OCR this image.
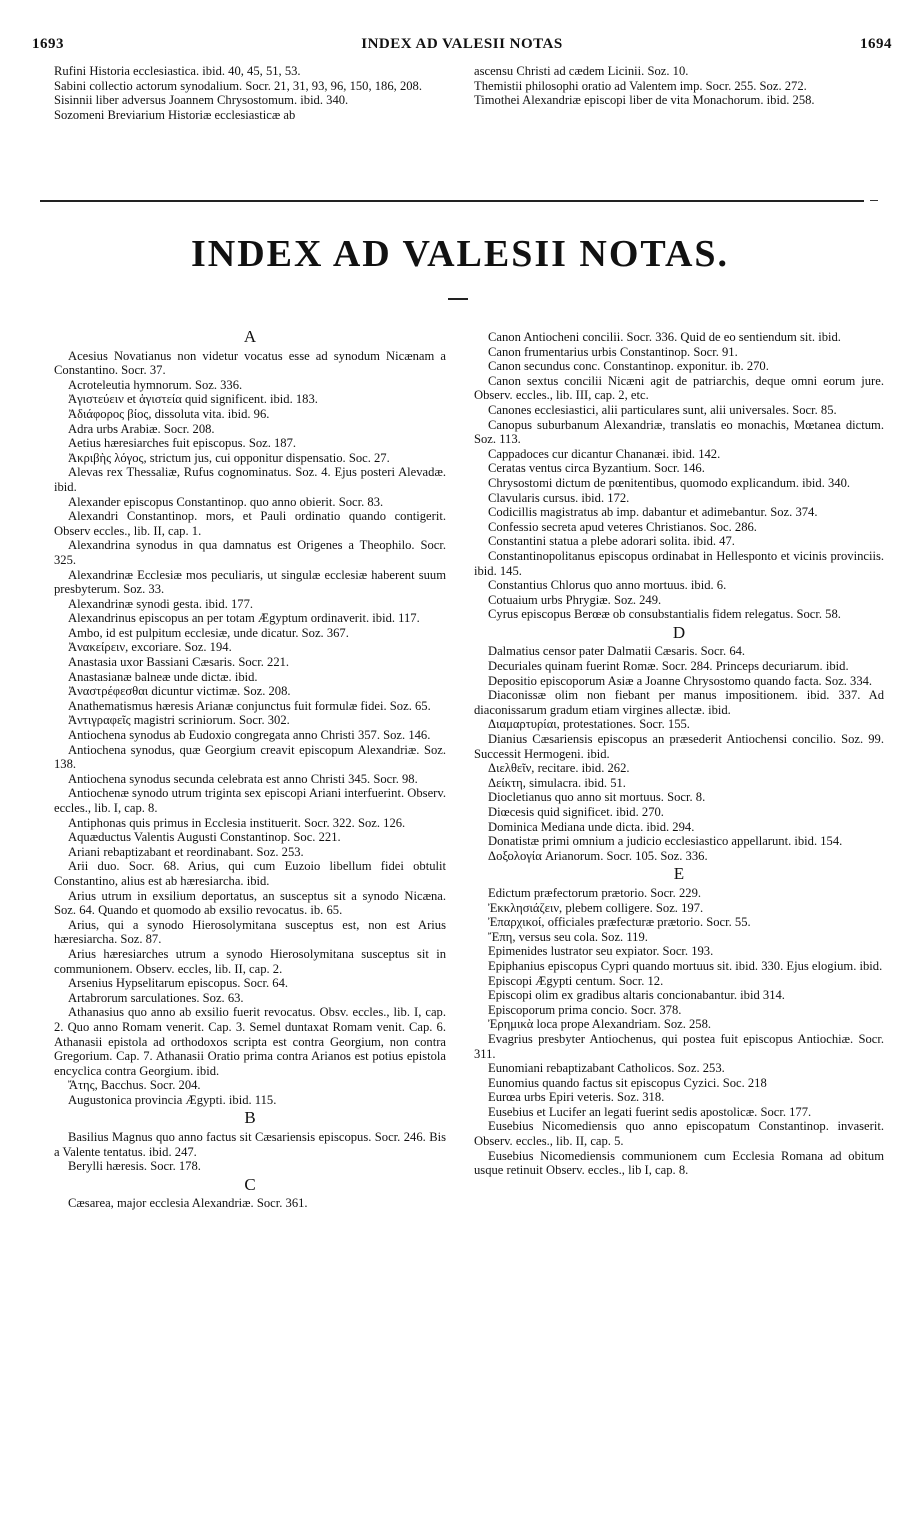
1693	INDEX AD VALESII NOTAS	1694

Rufini Historia ecclesiastica. ibid. 40, 45, 51, 53.

Sabini collectio actorum synodalium. Socr. 21, 31, 93, 96, 150, 186, 208.

Sisinnii liber adversus Joannem Chrysostomum. ibid. 340.

Sozomeni Breviarium Historiæ ecclesiasticæ ab

ascensu Christi ad cædem Licinii. Soz. 10.

Themistii philosophi oratio ad Valentem imp. Socr. 255. Soz. 272.

Timothei Alexandriæ episcopi liber de vita Monachorum. ibid. 258.

INDEX AD VALESII NOTAS.

A

Acesius Novatianus non videtur vocatus esse ad synodum Nicænam a Constantino. Socr. 37.

Acroteleutia hymnorum. Soz. 336.

Ἀγιστεύειν et ἁγιστεία quid significent. ibid. 183.

Ἀδιάφορος βίος, dissoluta vita. ibid. 96.

Adra urbs Arabiæ. Socr. 208.

Aetius hæresiarches fuit episcopus. Soz. 187.

Ἀκριβὴς λόγος, strictum jus, cui opponitur dispensatio. Soc. 27.

Alevas rex Thessaliæ, Rufus cognominatus. Soz. 4. Ejus posteri Alevadæ. ibid.

Alexander episcopus Constantinop. quo anno obierit. Socr. 83.

Alexandri Constantinop. mors, et Pauli ordinatio quando contigerit. Observ eccles., lib. II, cap. 1.

Alexandrina synodus in qua damnatus est Origenes a Theophilo. Socr. 325.

Alexandrinæ Ecclesiæ mos peculiaris, ut singulæ ecclesiæ haberent suum presbyterum. Soz. 33.

Alexandrinæ synodi gesta. ibid. 177.

Alexandrinus episcopus an per totam Ægyptum ordinaverit. ibid. 117.

Ambo, id est pulpitum ecclesiæ, unde dicatur. Soz. 367.

Ἀνακείρειν, excoriare. Soz. 194.

Anastasia uxor Bassiani Cæsaris. Socr. 221.

Anastasianæ balneæ unde dictæ. ibid.

Ἀναστρέφεσθαι dicuntur victimæ. Soz. 208.

Anathematismus hæresis Arianæ conjunctus fuit formulæ fidei. Soz. 65.

Ἀντιγραφεῖς magistri scriniorum. Socr. 302.

Antiochena synodus ab Eudoxio congregata anno Christi 357. Soz. 146.

Antiochena synodus, quæ Georgium creavit episcopum Alexandriæ. Soz. 138.

Antiochena synodus secunda celebrata est anno Christi 345. Socr. 98.

Antiochenæ synodo utrum triginta sex episcopi Ariani interfuerint. Observ. eccles., lib. I, cap. 8.

Antiphonas quis primus in Ecclesia instituerit. Socr. 322. Soz. 126.

Aquæductus Valentis Augusti Constantinop. Soc. 221.

Ariani rebaptizabant et reordinabant. Soz. 253.

Arii duo. Socr. 68. Arius, qui cum Euzoio libellum fidei obtulit Constantino, alius est ab hæresiarcha. ibid.

Arius utrum in exsilium deportatus, an susceptus sit a synodo Nicæna. Soz. 64. Quando et quomodo ab exsilio revocatus. ib. 65.

Arius, qui a synodo Hierosolymitana susceptus est, non est Arius hæresiarcha. Soz. 87.

Arius hæresiarches utrum a synodo Hierosolymitana susceptus sit in communionem. Observ. eccles, lib. II, cap. 2.

Arsenius Hypselitarum episcopus. Socr. 64.

Artabrorum sarculationes. Soz. 63.

Athanasius quo anno ab exsilio fuerit revocatus. Obsv. eccles., lib. I, cap. 2. Quo anno Romam venerit. Cap. 3. Semel duntaxat Romam venit. Cap. 6. Athanasii epistola ad orthodoxos scripta est contra Georgium, non contra Gregorium. Cap. 7. Athanasii Oratio prima contra Arianos est potius epistola encyclica contra Georgium. ibid.

Ἄτης, Bacchus. Socr. 204.

Augustonica provincia Ægypti. ibid. 115.

B

Basilius Magnus quo anno factus sit Cæsariensis episcopus. Socr. 246. Bis a Valente tentatus. ibid. 247.

Berylli hæresis. Socr. 178.

C

Cæsarea, major ecclesia Alexandriæ. Socr. 361.

Canon Antiocheni concilii. Socr. 336. Quid de eo sentiendum sit. ibid.

Canon frumentarius urbis Constantinop. Socr. 91.

Canon secundus conc. Constantinop. exponitur. ib. 270.

Canon sextus concilii Nicæni agit de patriarchis, deque omni eorum jure. Observ. eccles., lib. III, cap. 2, etc.

Canones ecclesiastici, alii particulares sunt, alii universales. Socr. 85.

Canopus suburbanum Alexandriæ, translatis eo monachis, Mœtanea dictum. Soz. 113.

Cappadoces cur dicantur Chananæi. ibid. 142.

Ceratas ventus circa Byzantium. Socr. 146.

Chrysostomi dictum de pœnitentibus, quomodo explicandum. ibid. 340.

Clavularis cursus. ibid. 172.

Codicillis magistratus ab imp. dabantur et adimebantur. Soz. 374.

Confessio secreta apud veteres Christianos. Soc. 286.

Constantini statua a plebe adorari solita. ibid. 47.

Constantinopolitanus episcopus ordinabat in Hellesponto et vicinis provinciis. ibid. 145.

Constantius Chlorus quo anno mortuus. ibid. 6.

Cotuaium urbs Phrygiæ. Soz. 249.

Cyrus episcopus Berœæ ob consubstantialis fidem relegatus. Socr. 58.

D

Dalmatius censor pater Dalmatii Cæsaris. Socr. 64.

Decuriales quinam fuerint Romæ. Socr. 284. Princeps decuriarum. ibid.

Depositio episcoporum Asiæ a Joanne Chrysostomo quando facta. Soz. 334.

Diaconissæ olim non fiebant per manus impositionem. ibid. 337. Ad diaconissarum gradum etiam virgines allectæ. ibid.

Διαμαρτυρίαι, protestationes. Socr. 155.

Dianius Cæsariensis episcopus an præsederit Antiochensi concilio. Soz. 99. Successit Hermogeni. ibid.

Διελθεῖν, recitare. ibid. 262.

Δείκτη, simulacra. ibid. 51.

Diocletianus quo anno sit mortuus. Socr. 8.

Diœcesis quid significet. ibid. 270.

Dominica Mediana unde dicta. ibid. 294.

Donatistæ primi omnium a judicio ecclesiastico appellarunt. ibid. 154.

Δοξολογία Arianorum. Socr. 105. Soz. 336.

E

Edictum præfectorum prætorio. Socr. 229.

Ἐκκλησιάζειν, plebem colligere. Soz. 197.

Ἐπαρχικοί, officiales præfecturæ prætorio. Socr. 55.

Ἔπη, versus seu cola. Soz. 119.

Epimenides lustrator seu expiator. Socr. 193.

Epiphanius episcopus Cypri quando mortuus sit. ibid. 330. Ejus elogium. ibid.

Episcopi Ægypti centum. Socr. 12.

Episcopi olim ex gradibus altaris concionabantur. ibid 314.

Episcoporum prima concio. Socr. 378.

Ἐρημικὰ loca prope Alexandriam. Soz. 258.

Evagrius presbyter Antiochenus, qui postea fuit episcopus Antiochiæ. Socr. 311.

Eunomiani rebaptizabant Catholicos. Soz. 253.

Eunomius quando factus sit episcopus Cyzici. Soc. 218

Eurœa urbs Epiri veteris. Soz. 318.

Eusebius et Lucifer an legati fuerint sedis apostolicæ. Socr. 177.

Eusebius Nicomediensis quo anno episcopatum Constantinop. invaserit. Observ. eccles., lib. II, cap. 5.

Eusebius Nicomediensis communionem cum Ecclesia Romana ad obitum usque retinuit Observ. eccles., lib I, cap. 8.
